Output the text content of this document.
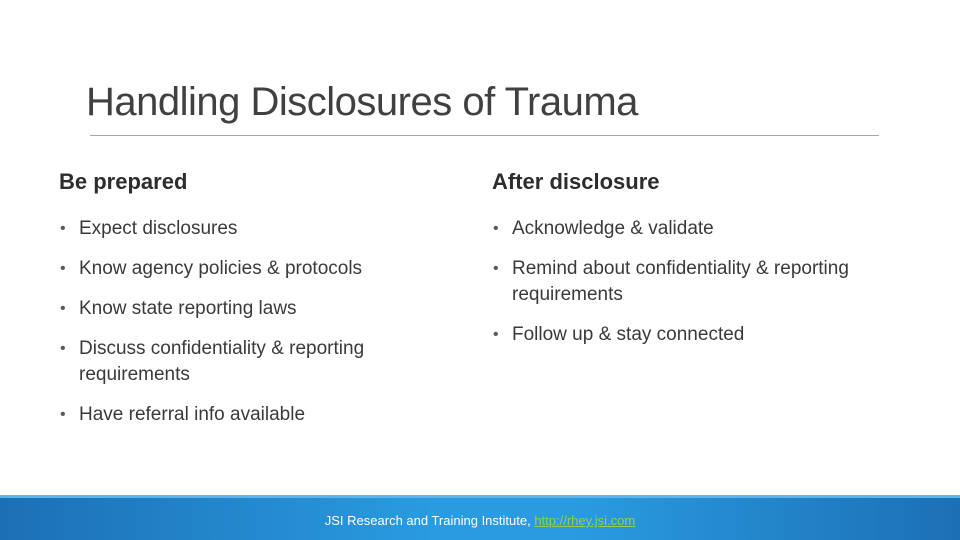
Handling Disclosures of Trauma
Be prepared
• Expect disclosures
• Know agency policies & protocols
• Know state reporting laws
• Discuss confidentiality & reporting requirements
• Have referral info available
After disclosure
• Acknowledge & validate
• Remind about confidentiality & reporting requirements
• Follow up & stay connected
JSI Research and Training Institute, http://rhey.jsi.com
